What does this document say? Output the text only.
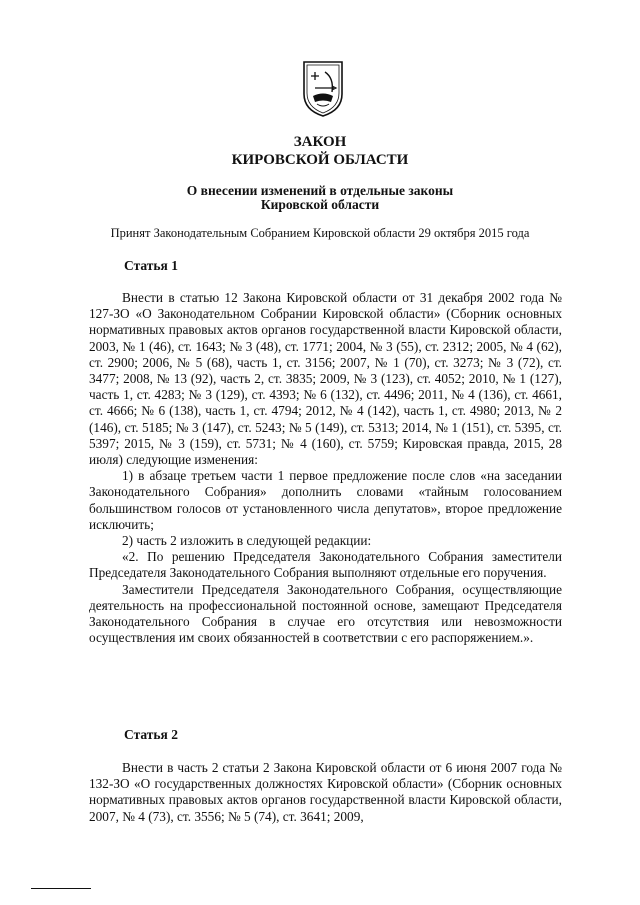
ЗАКОН
КИРОВСКОЙ ОБЛАСТИ
О внесении изменений в отдельные законы
Кировской области
Принят Законодательным Собранием Кировской области 29 октября 2015 года
Статья 1

Внести в статью 12 Закона Кировской области от 31 декабря 2002 года № 127-ЗО «О Законодательном Собрании Кировской области» (Сборник основных нормативных правовых актов органов государственной власти Кировской области, 2003, № 1 (46), ст. 1643; № 3 (48), ст. 1771; 2004, № 3 (55), ст. 2312; 2005, № 4 (62), ст. 2900; 2006, № 5 (68), часть 1, ст. 3156; 2007, № 1 (70), ст. 3273; № 3 (72), ст. 3477; 2008, № 13 (92), часть 2, ст. 3835; 2009, № 3 (123), ст. 4052; 2010, № 1 (127), часть 1, ст. 4283; № 3 (129), ст. 4393; № 6 (132), ст. 4496; 2011, № 4 (136), ст. 4661, ст. 4666; № 6 (138), часть 1, ст. 4794; 2012, № 4 (142), часть 1, ст. 4980; 2013, № 2 (146), ст. 5185; № 3 (147), ст. 5243; № 5 (149), ст. 5313; 2014, № 1 (151), ст. 5395, ст. 5397; 2015, № 3 (159), ст. 5731; № 4 (160), ст. 5759; Кировская правда, 2015, 28 июля) следующие изменения:

1) в абзаце третьем части 1 первое предложение после слов «на заседании Законодательного Собрания» дополнить словами «тайным голосованием большинством голосов от установленного числа депутатов», второе предложение исключить;

2) часть 2 изложить в следующей редакции:

«2. По решению Председателя Законодательного Собрания заместители Председателя Законодательного Собрания выполняют отдельные его поручения.

Заместители Председателя Законодательного Собрания, осуществляющие деятельность на профессиональной постоянной основе, замещают Председателя Законодательного Собрания в случае его отсутствия или невозможности осуществления им своих обязанностей в соответствии с его распоряжением.».

Статья 2

Внести в часть 2 статьи 2 Закона Кировской области от 6 июня 2007 года № 132-ЗО «О государственных должностях Кировской области» (Сборник основных нормативных правовых актов органов государственной власти Кировской области, 2007, № 4 (73), ст. 3556; № 5 (74), ст. 3641; 2009,
